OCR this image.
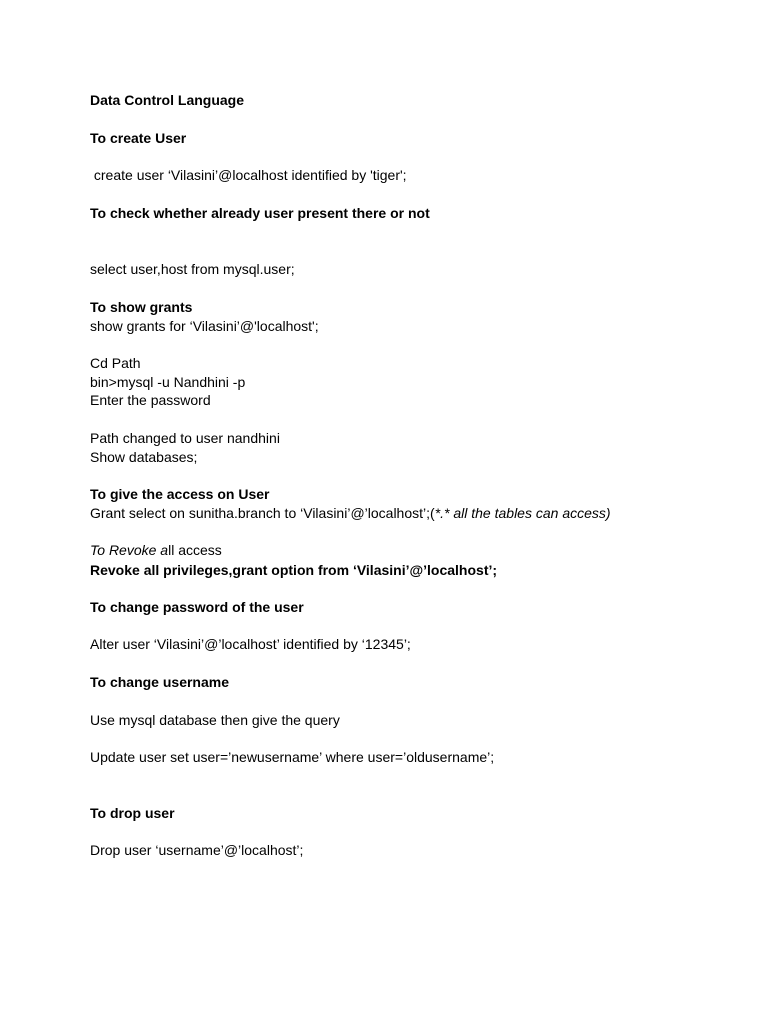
Data Control Language
To create User
create user ‘Vilasini’@localhost identified by 'tiger';
To check whether already user present there or not
select user,host from mysql.user;
To show grants
show grants for ‘Vilasini’@'localhost';
Cd Path
bin>mysql -u Nandhini -p
Enter the password
Path changed to user nandhini
Show databases;
To give the access on User
Grant select on sunitha.branch to ‘Vilasini’@’localhost’;(*.* all the tables can access)
To Revoke all access
Revoke all privileges,grant option from ‘Vilasini’@’localhost’;
To change password of the user
Alter user ‘Vilasini’@’localhost’ identified by ‘12345’;
To change username
Use mysql database then give the query
Update user set user=’newusername’ where user=’oldusername’;
To drop user
Drop user ‘username’@’localhost’;
